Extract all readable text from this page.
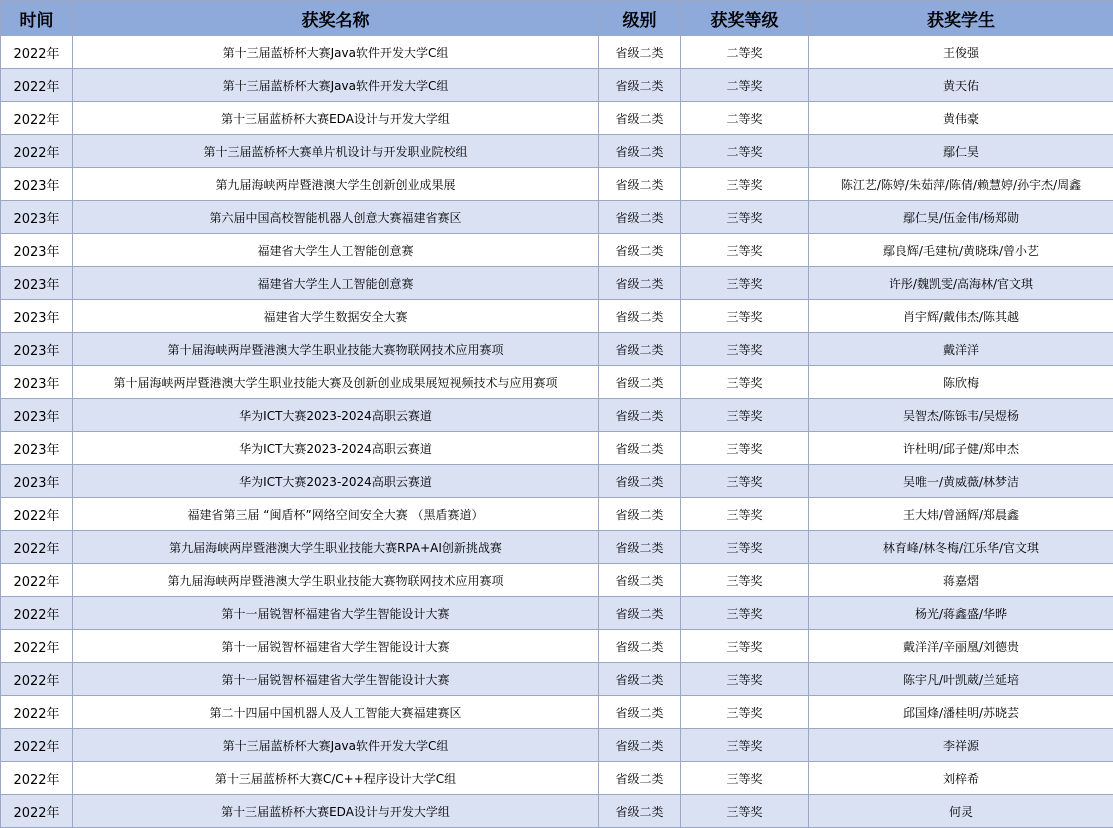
时间	获奖名称	级别	获奖等级	获奖学生
2022年	第十三届蓝桥杯大赛Java软件开发大学C组	省级二类	二等奖	王俊强
2022年	第十三届蓝桥杯大赛Java软件开发大学C组	省级二类	二等奖	黄天佑
2022年	第十三届蓝桥杯大赛EDA设计与开发大学组	省级二类	二等奖	黄伟豪
2022年	第十三届蓝桥杯大赛单片机设计与开发职业院校组	省级二类	二等奖	鄢仁昊
2023年	第九届海峡两岸暨港澳大学生创新创业成果展	省级二类	三等奖	陈江艺/陈婷/朱茹萍/陈倩/赖慧婷/孙宇杰/周鑫
2023年	第六届中国高校智能机器人创意大赛福建省赛区	省级二类	三等奖	鄢仁昊/伍金伟/杨郑勋
2023年	福建省大学生人工智能创意赛	省级二类	三等奖	鄢良辉/毛建杭/黄晓珠/曾小艺
2023年	福建省大学生人工智能创意赛	省级二类	三等奖	许彤/魏凯雯/高海林/官文琪
2023年	福建省大学生数据安全大赛	省级二类	三等奖	肖宇辉/戴伟杰/陈其越
2023年	第十届海峡两岸暨港澳大学生职业技能大赛物联网技术应用赛项	省级二类	三等奖	戴洋洋
2023年	第十届海峡两岸暨港澳大学生职业技能大赛及创新创业成果展短视频技术与应用赛项	省级二类	三等奖	陈欣梅
2023年	华为ICT大赛2023-2024高职云赛道	省级二类	三等奖	吴智杰/陈铄韦/吴煜杨
2023年	华为ICT大赛2023-2024高职云赛道	省级二类	三等奖	许杜明/邱子健/郑申杰
2023年	华为ICT大赛2023-2024高职云赛道	省级二类	三等奖	吴唯一/黄威薇/林梦洁
2022年	福建省第三届 “闽盾杯”网络空间安全大赛 （黑盾赛道）	省级二类	三等奖	王大炜/曾涵辉/郑晨鑫
2022年	第九届海峡两岸暨港澳大学生职业技能大赛RPA+AI创新挑战赛	省级二类	三等奖	林育峰/林冬梅/江乐华/官文琪
2022年	第九届海峡两岸暨港澳大学生职业技能大赛物联网技术应用赛项	省级二类	三等奖	蒋嘉熠
2022年	第十一届锐智杯福建省大学生智能设计大赛	省级二类	三等奖	杨光/蒋鑫盛/华晔
2022年	第十一届锐智杯福建省大学生智能设计大赛	省级二类	三等奖	戴洋洋/辛丽凰/刘德贵
2022年	第十一届锐智杯福建省大学生智能设计大赛	省级二类	三等奖	陈宇凡/叶凯葳/兰延培
2022年	第二十四届中国机器人及人工智能大赛福建赛区	省级二类	三等奖	邱国烽/潘桂明/苏晓芸
2022年	第十三届蓝桥杯大赛Java软件开发大学C组	省级二类	三等奖	李祥源
2022年	第十三届蓝桥杯大赛C/C++程序设计大学C组	省级二类	三等奖	刘梓希
2022年	第十三届蓝桥杯大赛EDA设计与开发大学组	省级二类	三等奖	何灵
